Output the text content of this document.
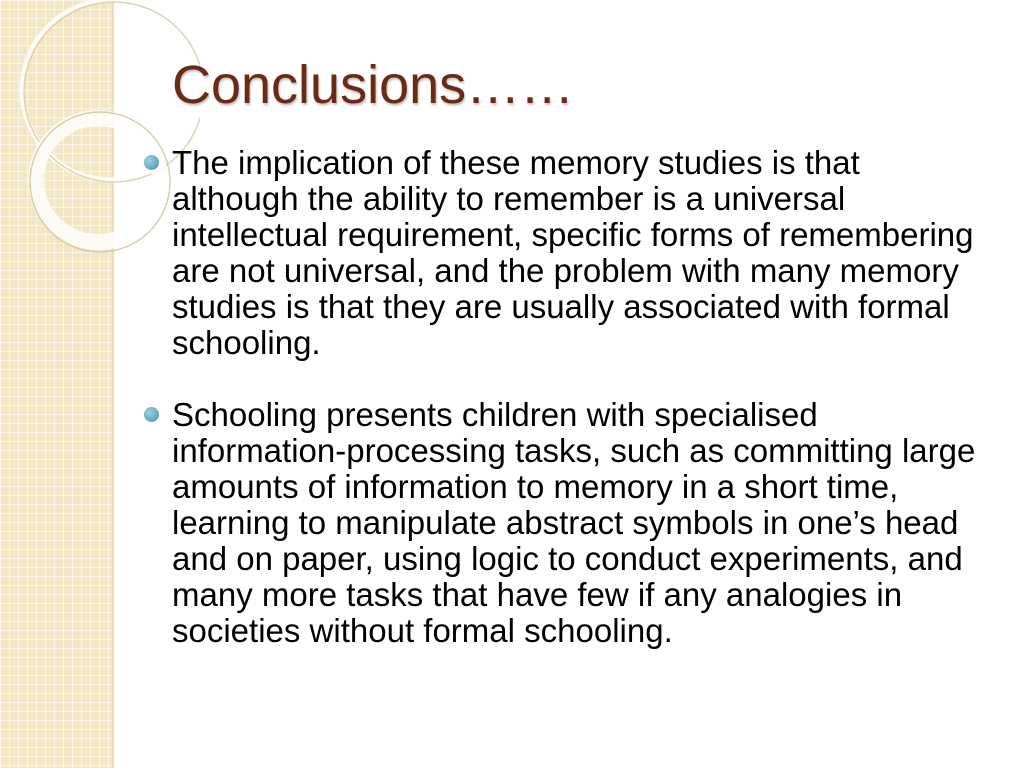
Conclusions……
The implication of these memory studies is that although the ability to remember is a universal intellectual requirement, specific forms of remembering are not universal, and the problem with many memory studies is that they are usually associated with formal schooling.
Schooling presents children with specialised information-processing tasks, such as committing large amounts of information to memory in a short time, learning to manipulate abstract symbols in one’s head and on paper, using logic to conduct experiments, and many more tasks that have few if any analogies in societies without formal schooling.
